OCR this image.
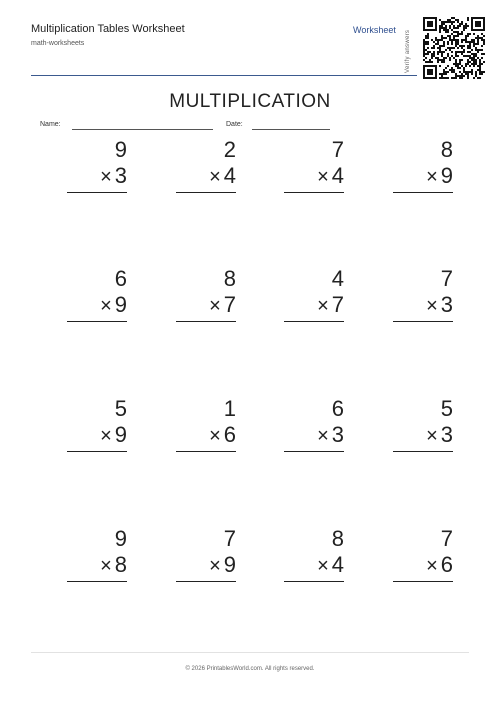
Multiplication Tables Worksheet
math-worksheets
Worksheet Verify answers
MULTIPLICATION
Name:	Date:
9
× 3
2
× 4
7
× 4
8
× 9
6
× 9
8
× 7
4
× 7
7
× 3
5
× 9
1
× 6
6
× 3
5
× 3
9
× 8
7
× 9
8
× 4
7
× 6
© 2026 PrintablesWorld.com. All rights reserved.
